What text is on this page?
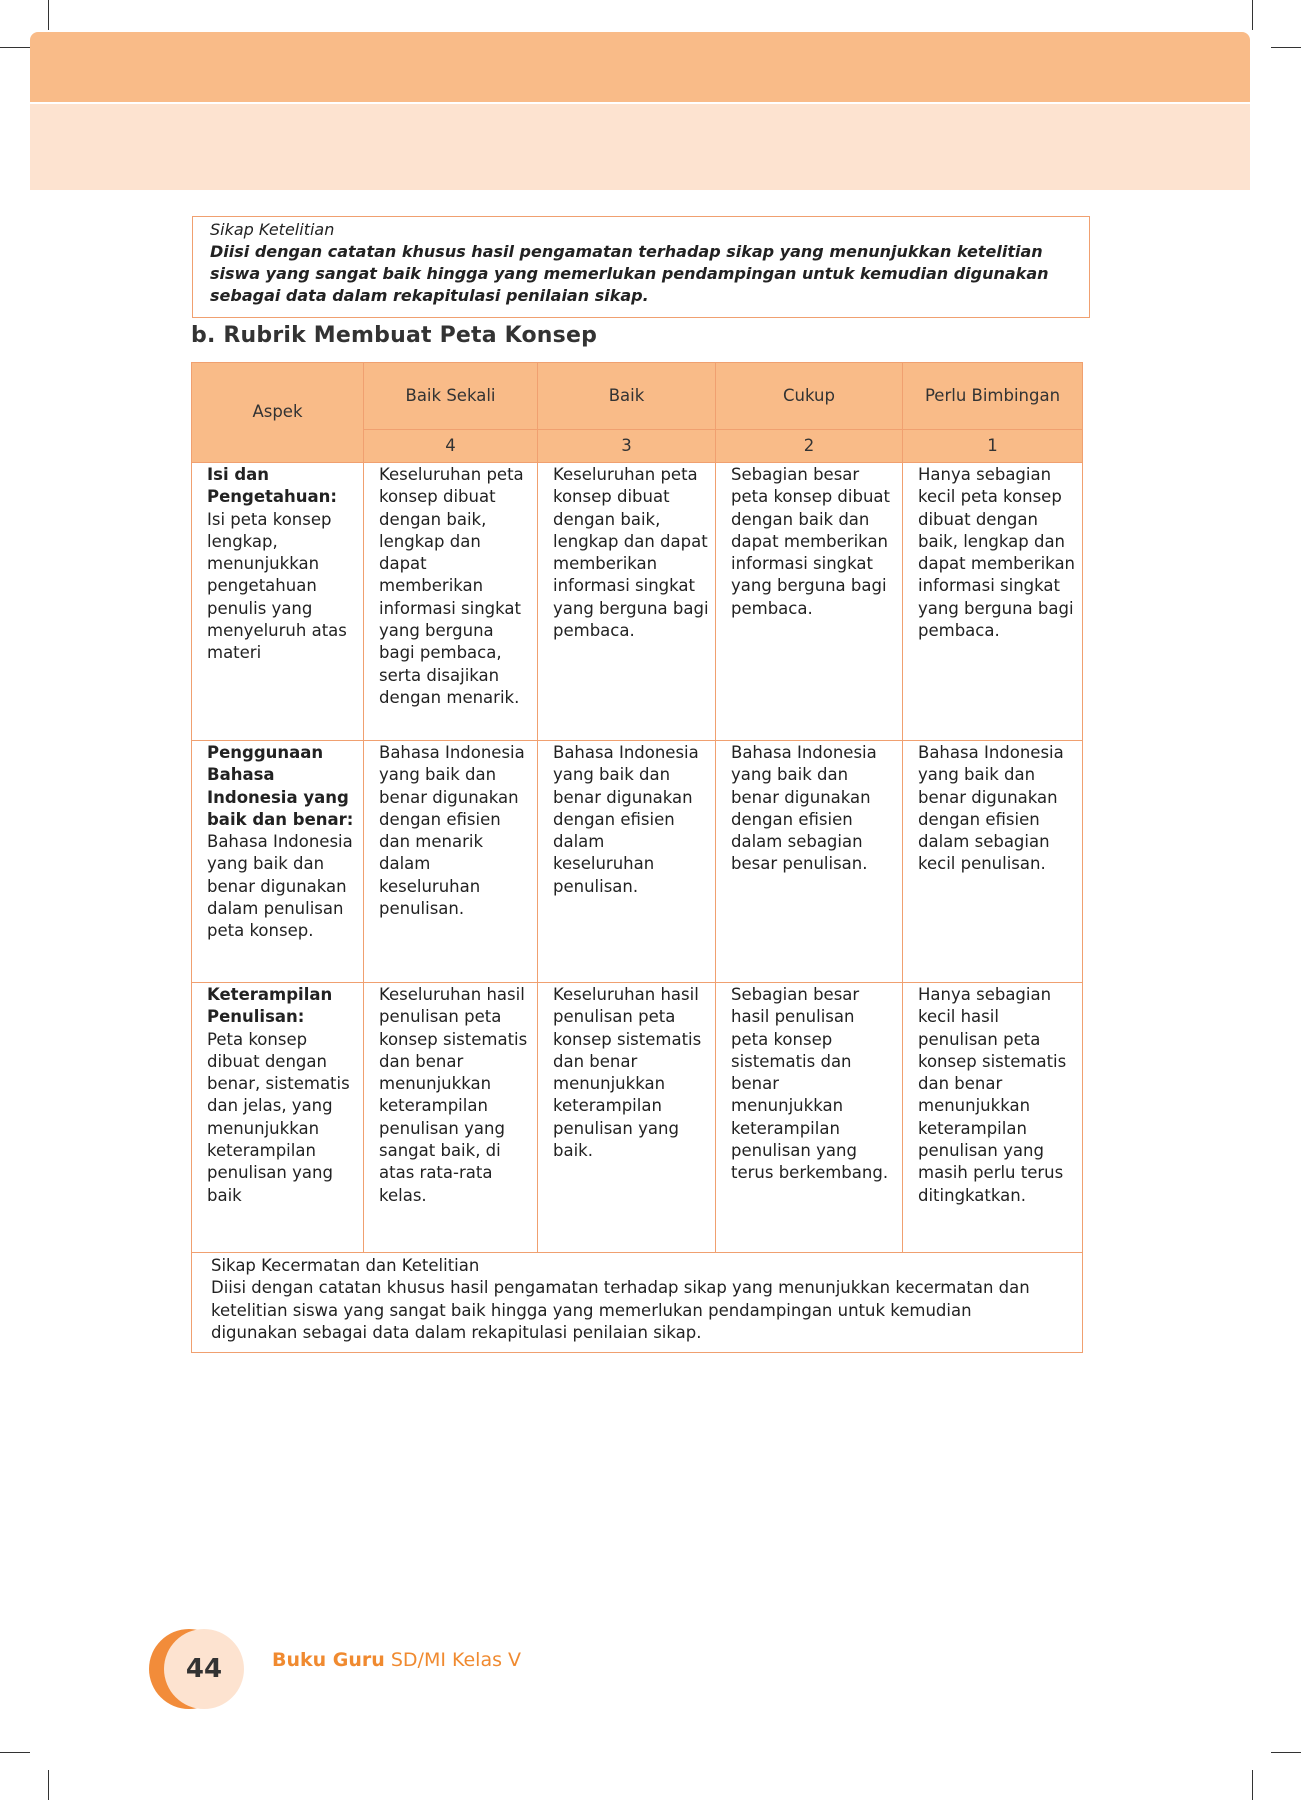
Sikap Ketelitian
Diisi dengan catatan khusus hasil pengamatan terhadap sikap yang menunjukkan ketelitian siswa yang sangat baik hingga yang memerlukan pendampingan untuk kemudian digunakan sebagai data dalam rekapitulasi penilaian sikap.
b. Rubrik Membuat Peta Konsep
Aspek	Baik Sekali	Baik	Cukup	Perlu Bimbingan
	4	3	2	1

Isi dan Pengetahuan:
Isi peta konsep lengkap, menunjukkan pengetahuan penulis yang menyeluruh atas materi	Keseluruhan peta konsep dibuat dengan baik, lengkap dan dapat memberikan informasi singkat yang berguna bagi pembaca, serta disajikan dengan menarik.	Keseluruhan peta konsep dibuat dengan baik, lengkap dan dapat memberikan informasi singkat yang berguna bagi pembaca.	Sebagian besar peta konsep dibuat dengan baik dan dapat memberikan informasi singkat yang berguna bagi pembaca.	Hanya sebagian kecil peta konsep dibuat dengan baik, lengkap dan dapat memberikan informasi singkat yang berguna bagi pembaca.

Penggunaan Bahasa Indonesia yang baik dan benar:
Bahasa Indonesia yang baik dan benar digunakan dalam penulisan peta konsep.	Bahasa Indonesia yang baik dan benar digunakan dengan efisien dan menarik dalam keseluruhan penulisan.	Bahasa Indonesia yang baik dan benar digunakan dengan efisien dalam keseluruhan penulisan.	Bahasa Indonesia yang baik dan benar digunakan dengan efisien dalam sebagian besar penulisan.	Bahasa Indonesia yang baik dan benar digunakan dengan efisien dalam sebagian kecil penulisan.

Keterampilan Penulisan:
Peta konsep dibuat dengan benar, sistematis dan jelas, yang menunjukkan keterampilan penulisan yang baik	Keseluruhan hasil penulisan peta konsep sistematis dan benar menunjukkan keterampilan penulisan yang sangat baik, di atas rata-rata kelas.	Keseluruhan hasil penulisan peta konsep sistematis dan benar menunjukkan keterampilan penulisan yang baik.	Sebagian besar hasil penulisan peta konsep sistematis dan benar menunjukkan keterampilan penulisan yang terus berkembang.	Hanya sebagian kecil hasil penulisan peta konsep sistematis dan benar menunjukkan keterampilan penulisan yang masih perlu terus ditingkatkan.

Sikap Kecermatan dan Ketelitian
Diisi dengan catatan khusus hasil pengamatan terhadap sikap yang menunjukkan kecermatan dan ketelitian siswa yang sangat baik hingga yang memerlukan pendampingan untuk kemudian digunakan sebagai data dalam rekapitulasi penilaian sikap.				
44	Buku Guru SD/MI Kelas V
